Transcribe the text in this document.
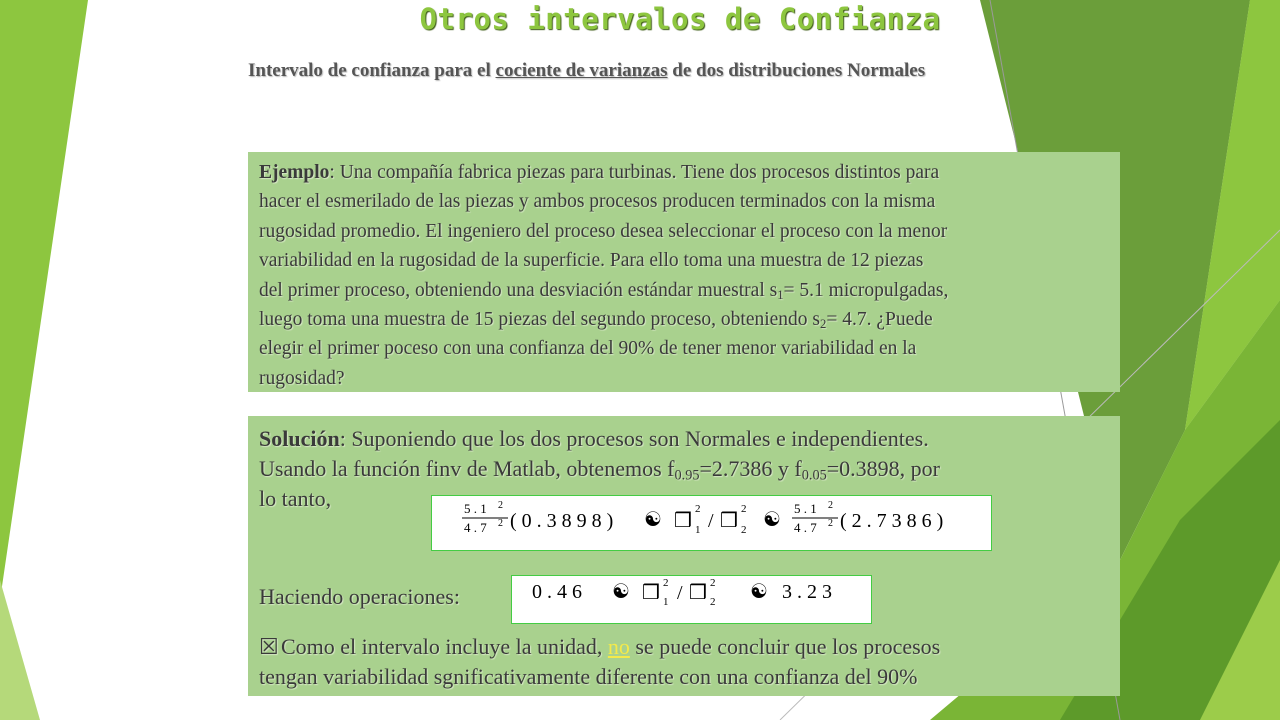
Otros intervalos de Confianza
Intervalo de confianza para el cociente de varianzas de dos distribuciones Normales
Ejemplo: Una compañía fabrica piezas para turbinas. Tiene dos procesos distintos para
hacer el esmerilado de las piezas y ambos procesos producen terminados con la misma
rugosidad promedio. El ingeniero del proceso desea seleccionar el proceso con la menor
variabilidad en la rugosidad de la superficie. Para ello toma una muestra de 12 piezas
del primer proceso, obteniendo una desviación estándar muestral $s_1= 5.1$ micropulgadas,
luego toma una muestra de 15 piezas del segundo proceso, obteniendo $s_2= 4.7$. ¿Puede
elegir el primer poceso con una confianza del 90% de tener menor variabilidad en la
rugosidad?
Solución: Suponiendo que los dos procesos son Normales e independientes.
Usando la función finv de Matlab, obtenemos $f_{0.95}=2.7386$ y $f_{0.05}=0.3898$, por
lo tanto,	5 . 1 2
4 . 7 2 ( 0 . 3 8 9 8 ) ☯ ❒
2
1 / ❒
2
2 ☯
5 . 1 2
4 . 7 2 ( 2 . 7 3 8 6 )
Haciendo operaciones:	0 . 4 6 ☯ ❒ 2
1 / ❒ 2
2 ☯ 3 . 2 3
☒ Como el intervalo incluye la unidad, no se puede concluir que los procesos
tengan variabilidad sgnificativamente diferente con una confianza del 90%
